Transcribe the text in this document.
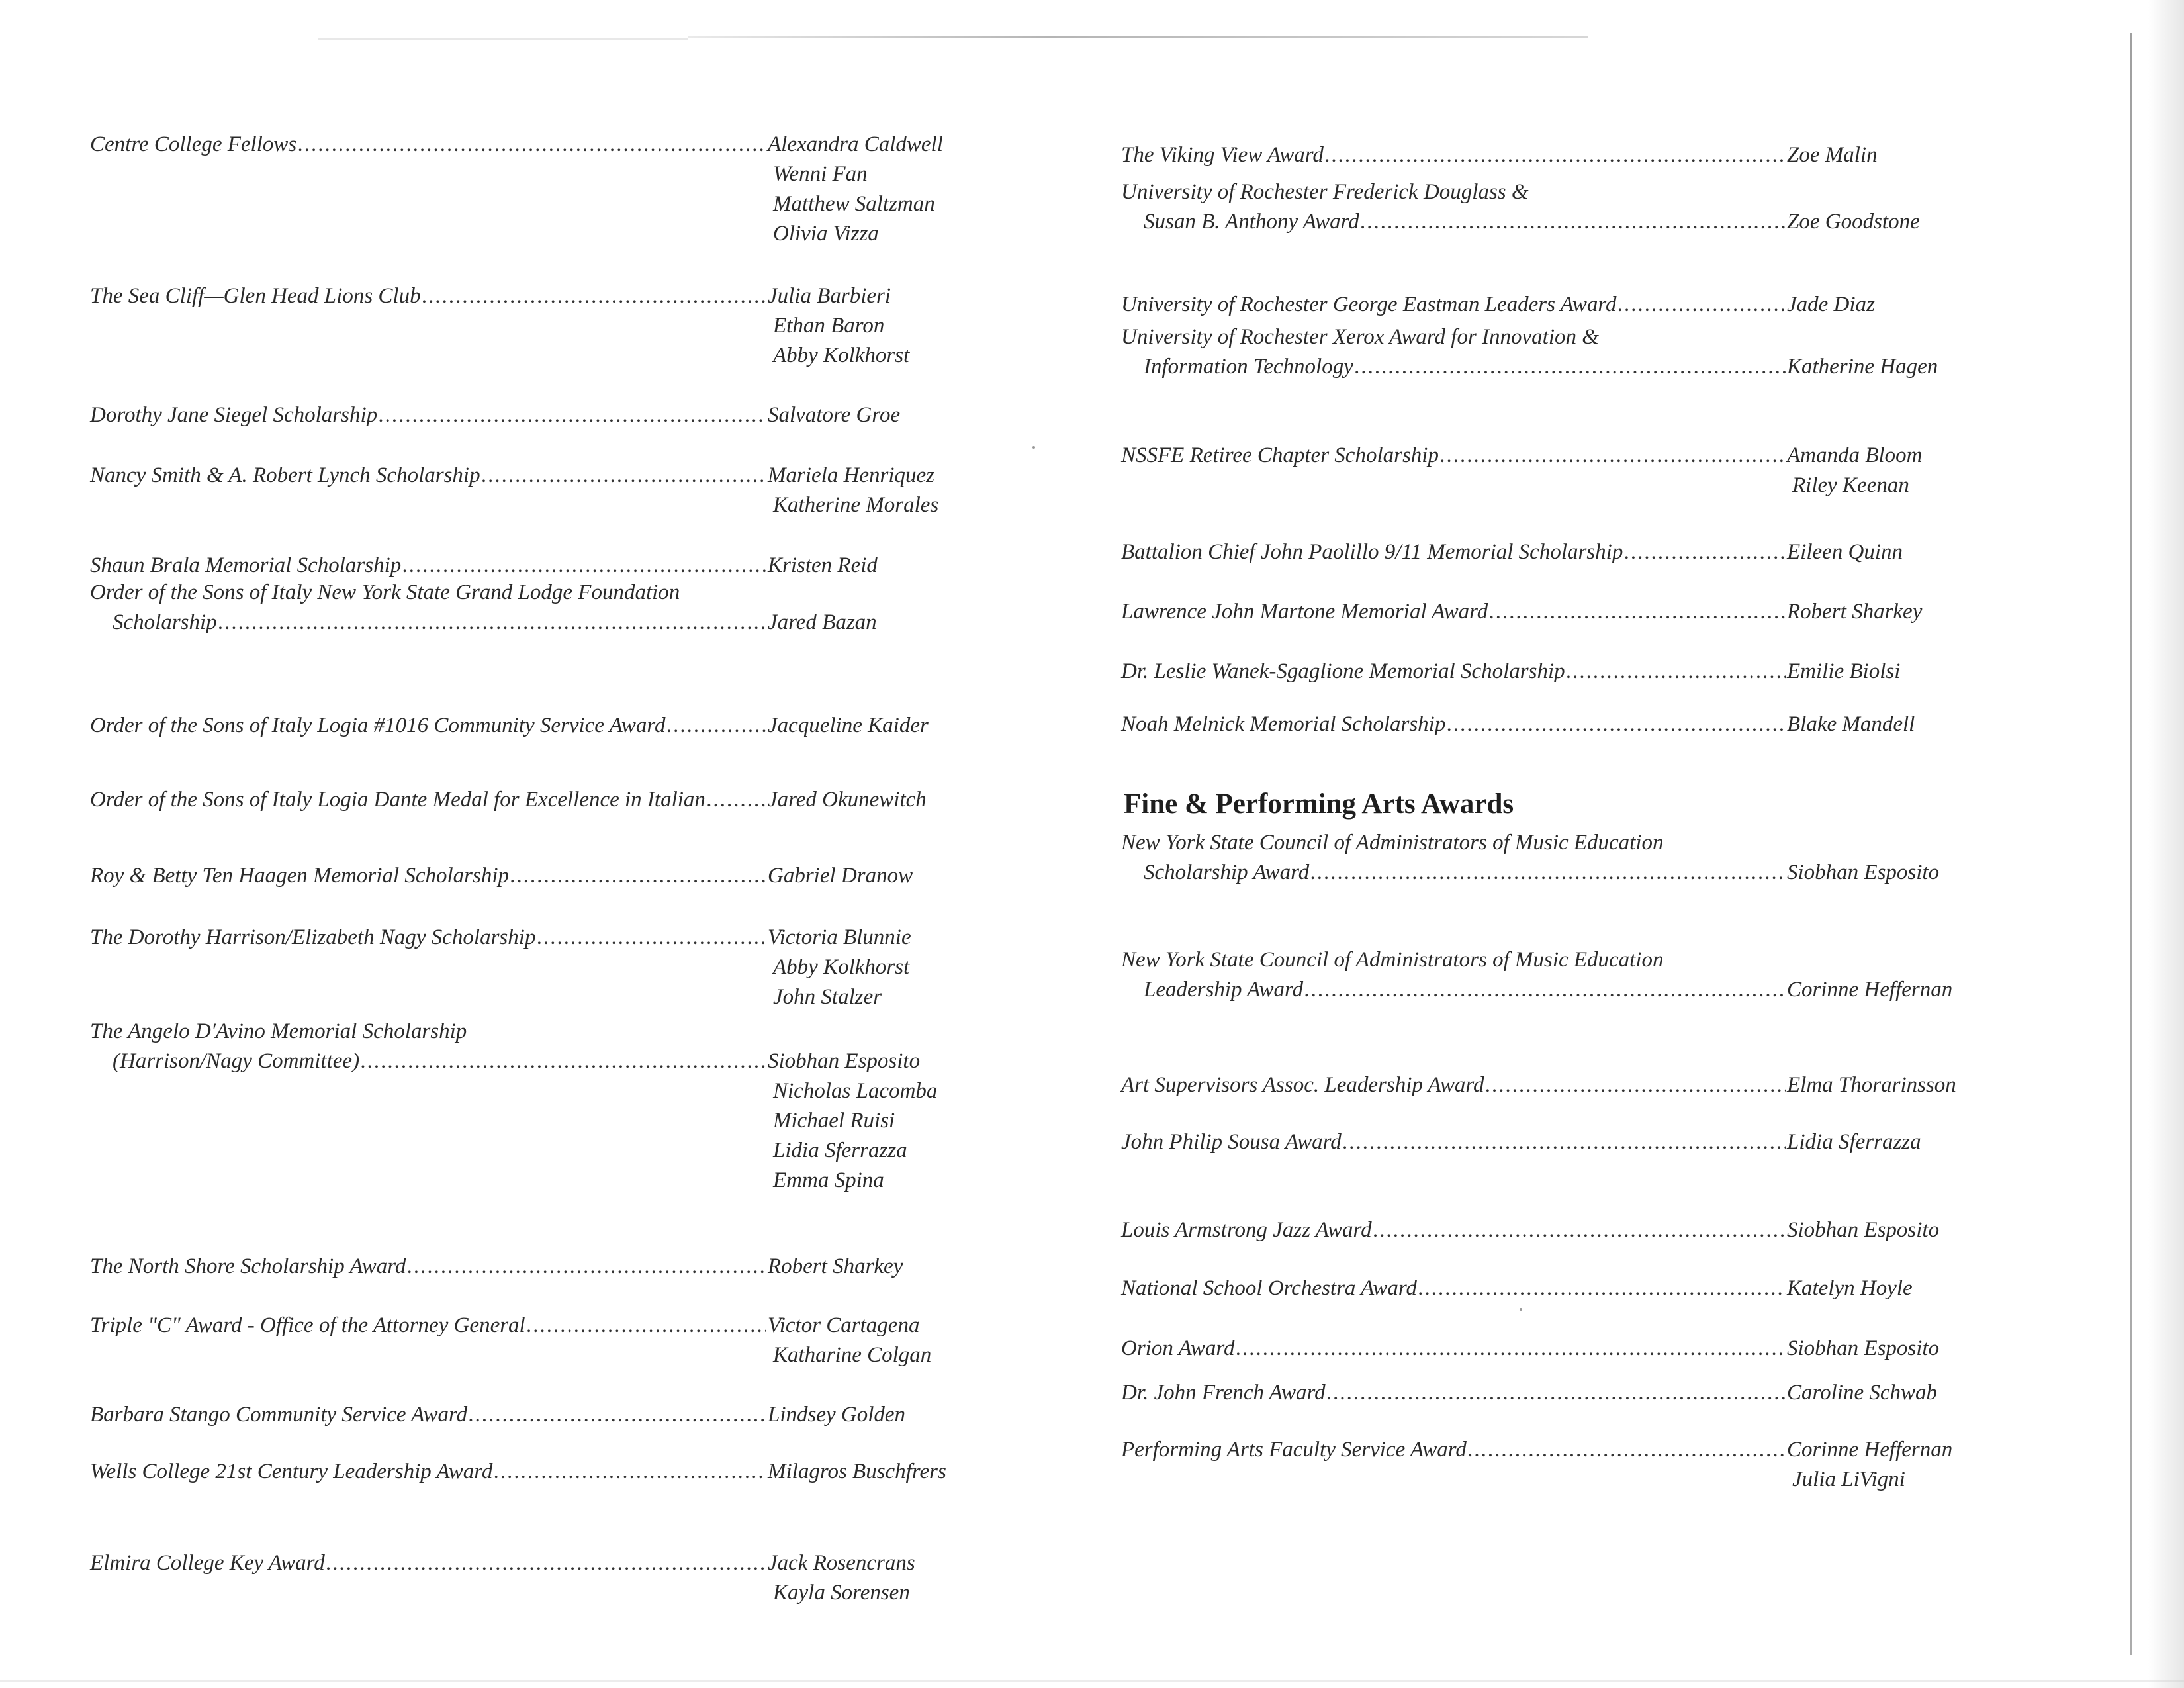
Centre College Fellows .....	Alexandra Caldwell
Wenni Fan
Matthew Saltzman
Olivia Vizza
The Sea Cliff—Glen Head Lions Club .....	Julia Barbieri
Ethan Baron
Abby Kolkhorst
Dorothy Jane Siegel Scholarship .....	Salvatore Groe
Nancy Smith & A. Robert Lynch Scholarship .....	Mariela Henriquez
Katherine Morales
Shaun Brala Memorial Scholarship .....	Kristen Reid
Order of the Sons of Italy New York State Grand Lodge Foundation
Scholarship .....	Jared Bazan
Order of the Sons of Italy Logia #1016 Community Service Award .....	Jacqueline Kaider
Order of the Sons of Italy Logia Dante Medal for Excellence in Italian .....	Jared Okunewitch
Roy & Betty Ten Haagen Memorial Scholarship .....	Gabriel Dranow
The Dorothy Harrison/Elizabeth Nagy Scholarship .....	Victoria Blunnie
Abby Kolkhorst
John Stalzer
The Angelo D'Avino Memorial Scholarship
(Harrison/Nagy Committee) .....	Siobhan Esposito
Nicholas Lacomba
Michael Ruisi
Lidia Sferrazza
Emma Spina
The North Shore Scholarship Award .....	Robert Sharkey
Triple "C" Award - Office of the Attorney General .....	Victor Cartagena
Katharine Colgan
Barbara Stango Community Service Award .....	Lindsey Golden
Wells College 21st Century Leadership Award .....	Milagros Buschfrers
Elmira College Key Award .....	Jack Rosencrans
Kayla Sorensen
The Viking View Award .....	Zoe Malin
University of Rochester Frederick Douglass &
Susan B. Anthony Award .....	Zoe Goodstone
University of Rochester George Eastman Leaders Award .....	Jade Diaz
University of Rochester Xerox Award for Innovation &
Information Technology .....	Katherine Hagen
NSSFE Retiree Chapter Scholarship .....	Amanda Bloom
Riley Keenan
Battalion Chief John Paolillo 9/11 Memorial Scholarship .....	Eileen Quinn
Lawrence John Martone Memorial Award .....	Robert Sharkey
Dr. Leslie Wanek-Sgaglione Memorial Scholarship .....	Emilie Biolsi
Noah Melnick Memorial Scholarship .....	Blake Mandell
Fine & Performing Arts Awards
New York State Council of Administrators of Music Education
Scholarship Award .....	Siobhan Esposito
New York State Council of Administrators of Music Education
Leadership Award .....	Corinne Heffernan
Art Supervisors Assoc. Leadership Award .....	Elma Thorarinsson
John Philip Sousa Award .....	Lidia Sferrazza
Louis Armstrong Jazz Award .....	Siobhan Esposito
National School Orchestra Award .....	Katelyn Hoyle
Orion Award .....	Siobhan Esposito
Dr. John French Award .....	Caroline Schwab
Performing Arts Faculty Service Award .....	Corinne Heffernan
Julia LiVigni
